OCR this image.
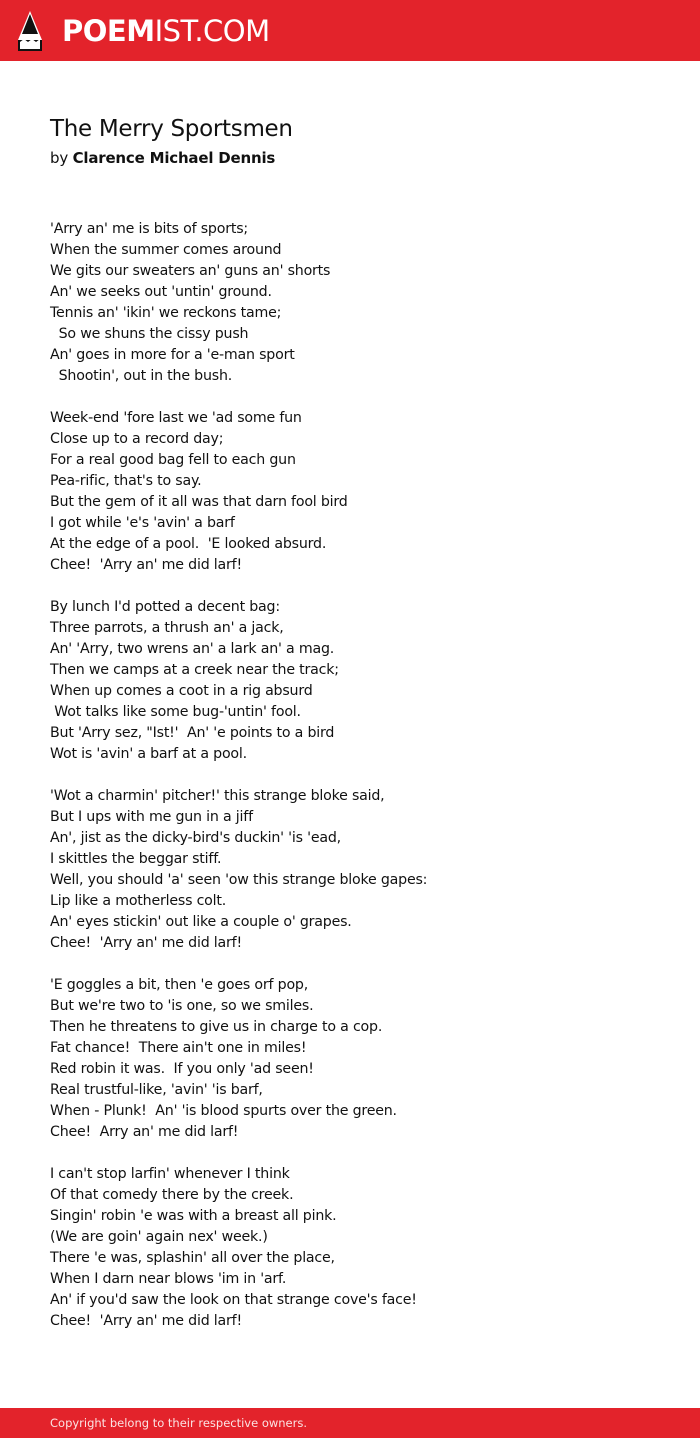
POEMIST.COM
The Merry Sportsmen
by Clarence Michael Dennis
'Arry an' me is bits of sports;
When the summer comes around
We gits our sweaters an' guns an' shorts
An' we seeks out 'untin' ground.
Tennis an' 'ikin' we reckons tame;
So we shuns the cissy push
An' goes in more for a 'e-man sport
Shootin', out in the bush.
Week-end 'fore last we 'ad some fun
Close up to a record day;
For a real good bag fell to each gun
Pea-rific, that's to say.
But the gem of it all was that darn fool bird
I got while 'e's 'avin' a barf
At the edge of a pool.  'E looked absurd.
Chee!  'Arry an' me did larf!
By lunch I'd potted a decent bag:
Three parrots, a thrush an' a jack,
An' 'Arry, two wrens an' a lark an' a mag.
Then we camps at a creek near the track;
When up comes a coot in a rig absurd
Wot talks like some bug-'untin' fool.
But 'Arry sez, "Ist!'  An' 'e points to a bird
Wot is 'avin' a barf at a pool.
'Wot a charmin' pitcher!' this strange bloke said,
But I ups with me gun in a jiff
An', jist as the dicky-bird's duckin' 'is 'ead,
I skittles the beggar stiff.
Well, you should 'a' seen 'ow this strange bloke gapes:
Lip like a motherless colt.
An' eyes stickin' out like a couple o' grapes.
Chee!  'Arry an' me did larf!
'E goggles a bit, then 'e goes orf pop,
But we're two to 'is one, so we smiles.
Then he threatens to give us in charge to a cop.
Fat chance!  There ain't one in miles!
Red robin it was.  If you only 'ad seen!
Real trustful-like, 'avin' 'is barf,
When - Plunk!  An' 'is blood spurts over the green.
Chee!  Arry an' me did larf!
I can't stop larfin' whenever I think
Of that comedy there by the creek.
Singin' robin 'e was with a breast all pink.
(We are goin' again nex' week.)
There 'e was, splashin' all over the place,
When I darn near blows 'im in 'arf.
An' if you'd saw the look on that strange cove's face!
Chee!  'Arry an' me did larf!
Copyright belong to their respective owners.
